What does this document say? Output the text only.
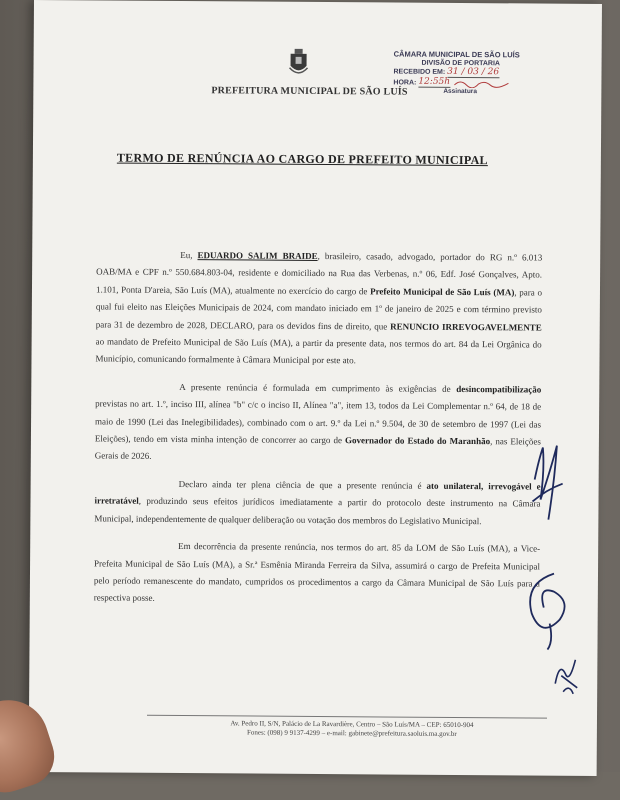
PREFEITURA MUNICIPAL DE SÃO LUÍS
CÂMARA MUNICIPAL DE SÃO LUÍS
DIVISÃO DE PORTARIA
RECEBIDO EM: 31 / 03 / 26
HORA: 12:55h
Assinatura
TERMO DE RENÚNCIA AO CARGO DE PREFEITO MUNICIPAL

Eu, EDUARDO SALIM BRAIDE, brasileiro, casado, advogado, portador do RG n.º 6.013 OAB/MA e CPF n.º 550.684.803-04, residente e domiciliado na Rua das Verbenas, n.º 06, Edf. José Gonçalves, Apto. 1.101, Ponta D'areia, São Luís (MA), atualmente no exercício do cargo de Prefeito Municipal de São Luís (MA), para o qual fui eleito nas Eleições Municipais de 2024, com mandato iniciado em 1º de janeiro de 2025 e com término previsto para 31 de dezembro de 2028, DECLARO, para os devidos fins de direito, que RENUNCIO IRREVOGAVELMENTE ao mandato de Prefeito Municipal de São Luís (MA), a partir da presente data, nos termos do art. 84 da Lei Orgânica do Município, comunicando formalmente à Câmara Municipal por este ato.

A presente renúncia é formulada em cumprimento às exigências de desincompatibilização previstas no art. 1.º, inciso III, alínea "b" c/c o inciso II, Alínea "a", item 13, todos da Lei Complementar n.º 64, de 18 de maio de 1990 (Lei das Inelegibilidades), combinado com o art. 9.º da Lei n.º 9.504, de 30 de setembro de 1997 (Lei das Eleições), tendo em vista minha intenção de concorrer ao cargo de Governador do Estado do Maranhão, nas Eleições Gerais de 2026.

Declaro ainda ter plena ciência de que a presente renúncia é ato unilateral, irrevogável e irretratável, produzindo seus efeitos jurídicos imediatamente a partir do protocolo deste instrumento na Câmara Municipal, independentemente de qualquer deliberação ou votação dos membros do Legislativo Municipal.

Em decorrência da presente renúncia, nos termos do art. 85 da LOM de São Luís (MA), a Vice-Prefeita Municipal de São Luís (MA), a Sr.ª Esmênia Miranda Ferreira da Silva, assumirá o cargo de Prefeita Municipal pelo período remanescente do mandato, cumpridos os procedimentos a cargo da Câmara Municipal de São Luís para a respectiva posse.

Av. Pedro II, S/N, Palácio de La Ravardière, Centro – São Luís/MA – CEP: 65010-904
Fones: (098) 9 9137-4299 – e-mail: gabinete@prefeitura.saoluis.ma.gov.br
